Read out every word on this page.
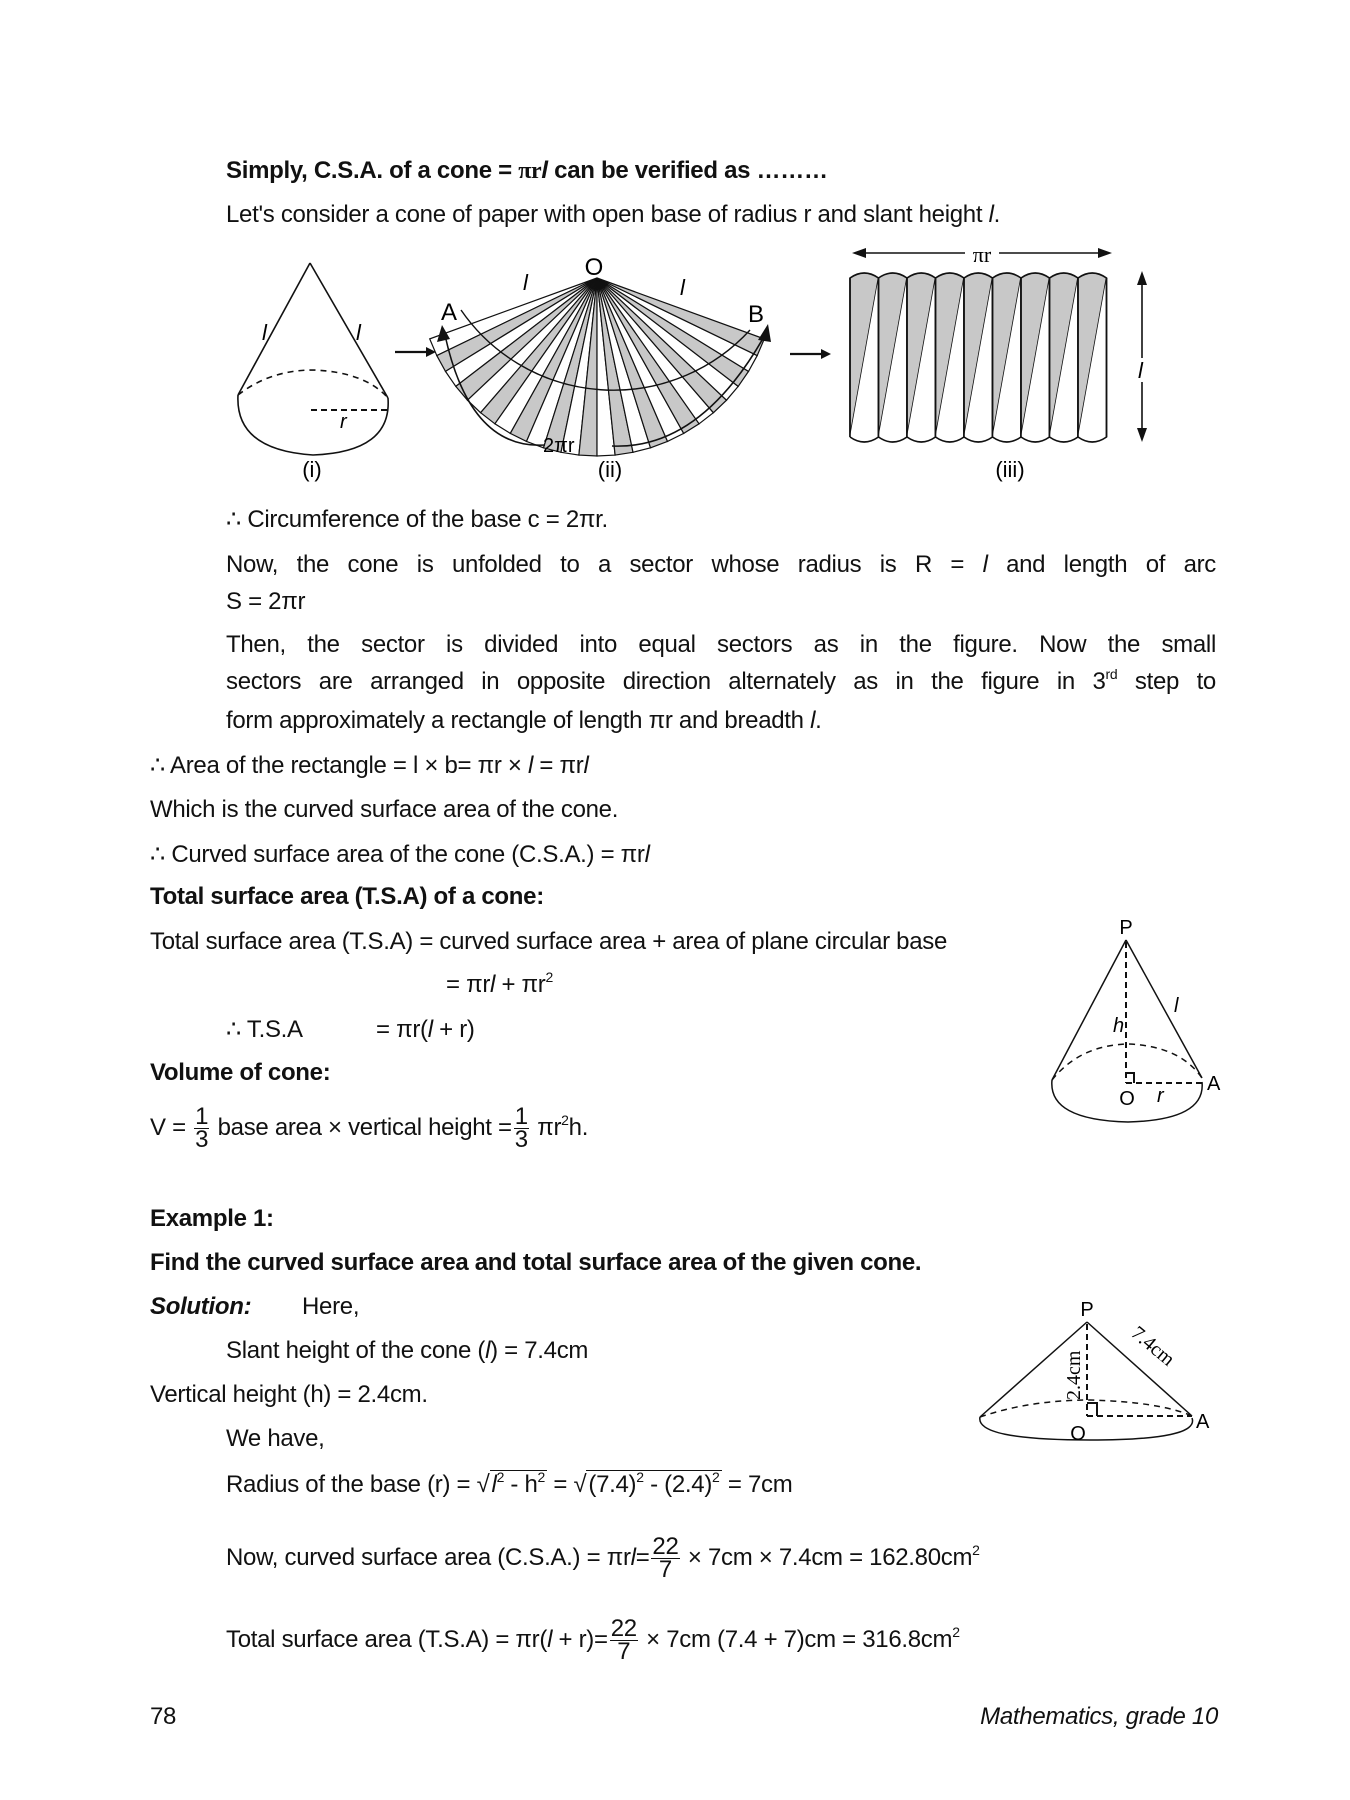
Simply, C.S.A. of a cone = πrl can be verified as ………
Let's consider a cone of paper with open base of radius r and slant height l.
l	l
r
O
A	B
l	l
2πr
πr
l
(i)	(ii)	(iii)
∴ Circumference of the base c = 2πr.
Now, the cone is unfolded to a sector whose radius is R = l and length of arc
S = 2πr
Then, the sector is divided into equal sectors as in the figure. Now the small
sectors are arranged in opposite direction alternately as in the figure in 3rd step to
form approximately a rectangle of length πr and breadth l.
∴ Area of the rectangle = l × b= πr × l = πrl
Which is the curved surface area of the cone.
∴ Curved surface area of the cone (C.S.A.) = πrl
Total surface area (T.S.A) of a cone:
Total surface area (T.S.A) = curved surface area + area of plane circular base
= $\pi rl + \pi r^2$
∴ T.S.A	= πr(l + r)
P
h
l
O r
A
Volume of cone:
$V = \frac{1}{3}$ base area × vertical height = $\frac{1}{3} \pi r^2h$.
Example 1:
Find the curved surface area and total surface area of the given cone.
Solution: Here,
Slant height of the cone (l) = 7.4cm
Vertical height (h) = 2.4cm.
We have,
Radius of the base $(r) = √l^2 - h^2 = √(7.4)^2 - (2.4)^2 = 7cm$
Now, curved surface area $(C.S.A.) = \pi rl= \frac{22}{7} \times 7cm \times 7.4cm = 162.80cm^2$
Total surface area $(T.S.A) = \pi r(l + r)= \frac{22}{7} \times 7cm$ $(7.4 + 7)cm = 316.8cm^2$
P
2.4cm
7.4cm
O
A
78	Mathematics, grade 10
